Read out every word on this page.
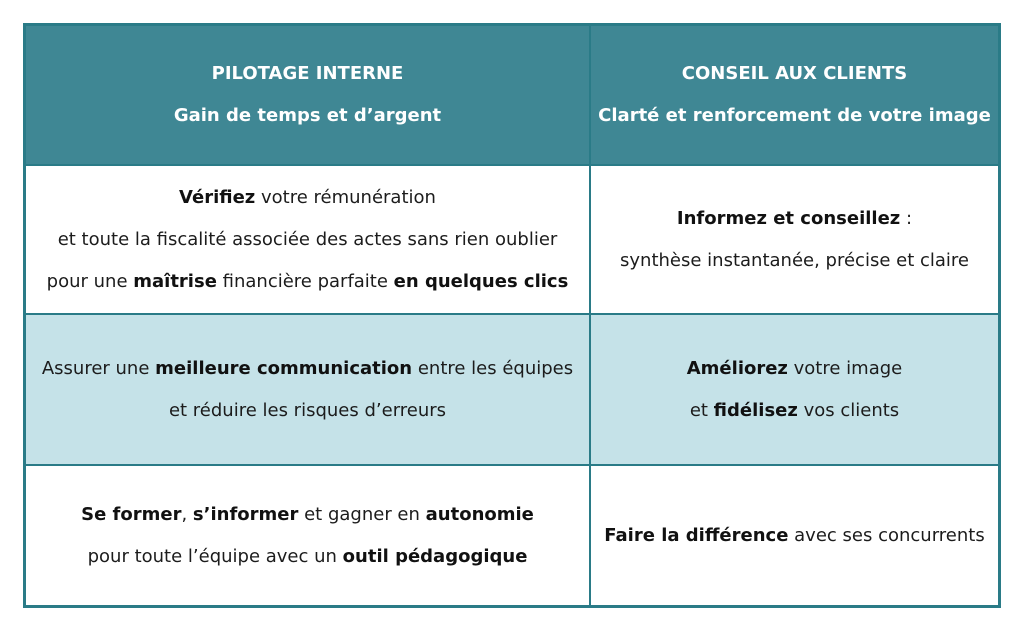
PILOTAGE INTERNE
Gain de temps et d’argent
CONSEIL AUX CLIENTS
Clarté et renforcement de votre image
Vérifiez votre rémunération
et toute la fiscalité associée des actes sans rien oublier
pour une maîtrise financière parfaite en quelques clics
Informez et conseillez :
synthèse instantanée, précise et claire
Assurer une meilleure communication entre les équipes
et réduire les risques d’erreurs
Améliorez votre image
et fidélisez vos clients
Se former, s’informer et gagner en autonomie
pour toute l’équipe avec un outil pédagogique
Faire la différence avec ses concurrents
